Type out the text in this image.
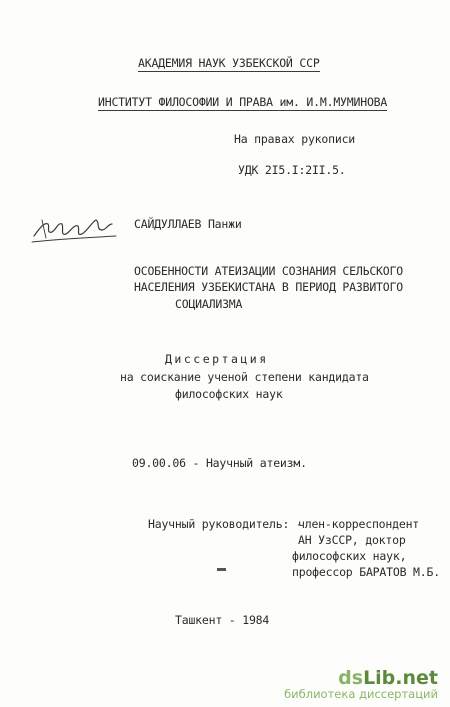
АКАДЕМИЯ НАУК УЗБЕКСКОЙ ССР
ИНСТИТУТ ФИЛОСОФИИ И ПРАВА им. И.М.МУМИНОВА
На правах рукописи
УДК 2I5.I:2II.5.
САЙДУЛЛАЕВ Панжи
ОСОБЕННОСТИ АТЕИЗАЦИИ СОЗНАНИЯ СЕЛЬСКОГО
НАСЕЛЕНИЯ УЗБЕКИСТАНА В ПЕРИОД РАЗВИТОГО
СОЦИАЛИЗМА
Диссертация
на соискание ученой степени кандидата
философских наук
09.00.06 - Научный атеизм.
Научный руководитель: -
член-корреспондент
АН УзССР, доктор
философских наук,
профессор БАРАТОВ М.Б.
Ташкент - 1984
dsLib.net
библиотека диссертаций
